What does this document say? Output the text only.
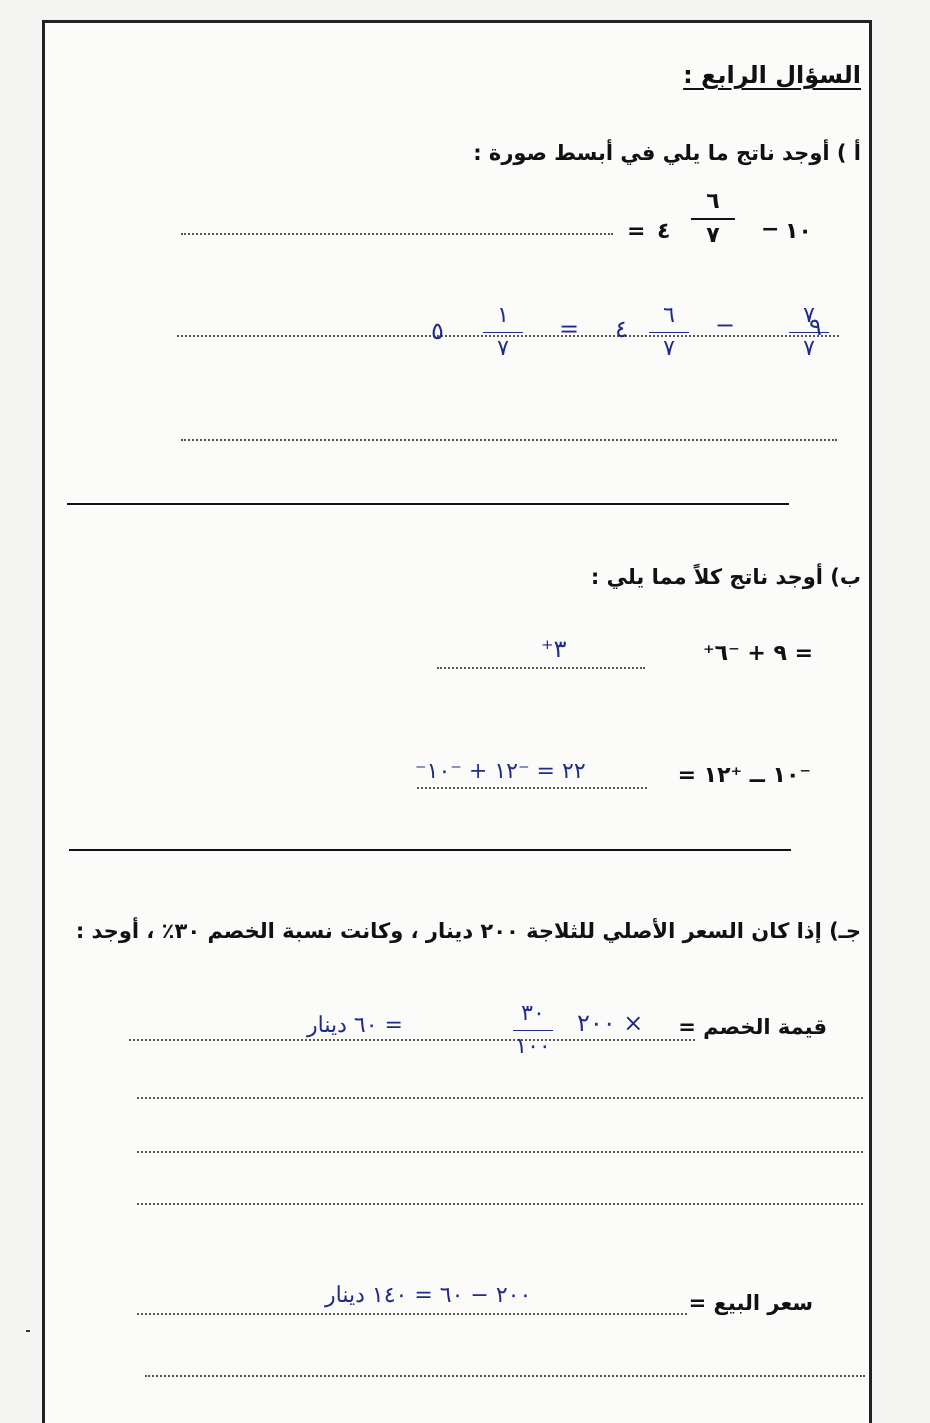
السؤال الرابع :
أ ) أوجد ناتج ما يلي في أبسط صورة :
١٠
−
٦
٧
٤
=
٩
٧
٧
−
٤ ٦
٧
=
١
٧
٥
ب) أوجد ناتج كلاً مما يلي :
⁺٩ + ⁻٦ =
⁺٣
⁻١٠ ــ ⁺١٢ =
⁻٢٢ = ⁻١٢ + ⁻١٠
جـ) إذا كان السعر الأصلي للثلاجة ٢٠٠ دينار ، وكانت نسبة الخصم ٣٠٪ ، أوجد :
قيمة الخصم =
٢٠٠ ×
٣٠
١٠٠
= ٦٠ دينار
سعر البيع =
٢٠٠ − ٦٠ = ١٤٠ دينار
